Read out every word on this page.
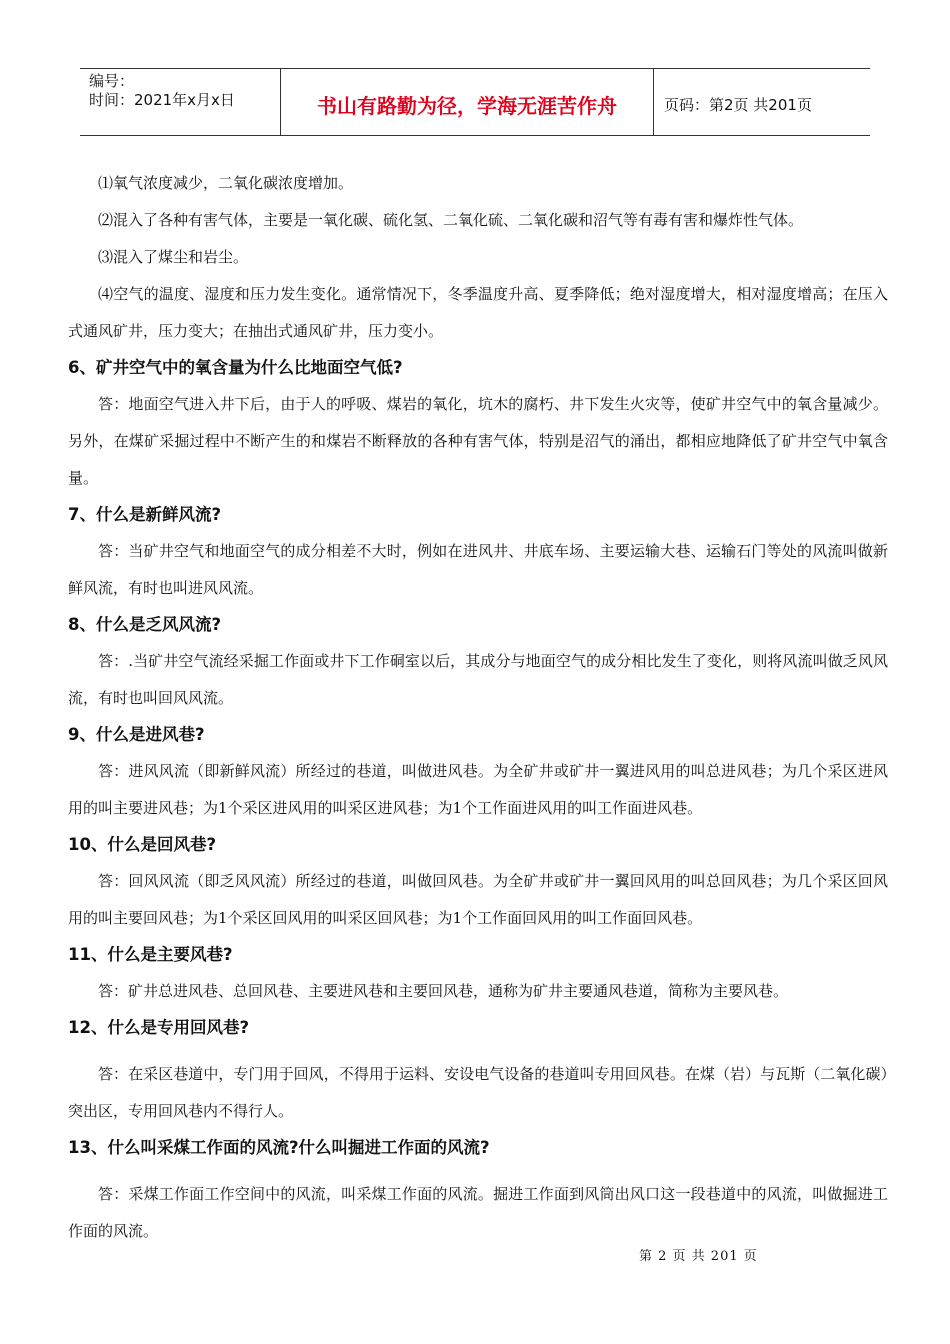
编号：
时间：2021年x月x日	书山有路勤为径，学海无涯苦作舟	页码：第2页 共201页

⑴氧气浓度减少，二氧化碳浓度增加。

⑵混入了各种有害气体，主要是一氧化碳、硫化氢、二氧化硫、二氧化碳和沼气等有毒有害和爆炸性气体。

⑶混入了煤尘和岩尘。

⑷空气的温度、湿度和压力发生变化。通常情况下，冬季温度升高、夏季降低；绝对湿度增大，相对湿度增高；在压入式通风矿井，压力变大；在抽出式通风矿井，压力变小。

6、矿井空气中的氧含量为什么比地面空气低?

答：地面空气进入井下后，由于人的呼吸、煤岩的氧化，坑木的腐朽、井下发生火灾等，使矿井空气中的氧含量减少。另外，在煤矿采掘过程中不断产生的和煤岩不断释放的各种有害气体，特别是沼气的涌出，都相应地降低了矿井空气中氧含量。

7、什么是新鲜风流?

答：当矿井空气和地面空气的成分相差不大时，例如在进风井、井底车场、主要运输大巷、运输石门等处的风流叫做新鲜风流，有时也叫进风风流。

8、什么是乏风风流?

答：.当矿井空气流经采掘工作面或井下工作硐室以后，其成分与地面空气的成分相比发生了变化，则将风流叫做乏风风流，有时也叫回风风流。

9、什么是进风巷?

答：进风风流（即新鲜风流）所经过的巷道，叫做进风巷。为全矿井或矿井一翼进风用的叫总进风巷；为几个采区进风用的叫主要进风巷；为1个采区进风用的叫采区进风巷；为1个工作面进风用的叫工作面进风巷。

10、什么是回风巷?

答：回风风流（即乏风风流）所经过的巷道，叫做回风巷。为全矿井或矿井一翼回风用的叫总回风巷；为几个采区回风用的叫主要回风巷；为1个采区回风用的叫采区回风巷；为1个工作面回风用的叫工作面回风巷。

11、什么是主要风巷?

答：矿井总进风巷、总回风巷、主要进风巷和主要回风巷，通称为矿井主要通风巷道，简称为主要风巷。

12、什么是专用回风巷?

答：在采区巷道中，专门用于回风，不得用于运料、安设电气设备的巷道叫专用回风巷。在煤（岩）与瓦斯（二氧化碳）突出区，专用回风巷内不得行人。

13、什么叫采煤工作面的风流?什么叫掘进工作面的风流?

答：采煤工作面工作空间中的风流，叫采煤工作面的风流。掘进工作面到风筒出风口这一段巷道中的风流，叫做掘进工作面的风流。

第 2 页 共 201 页
